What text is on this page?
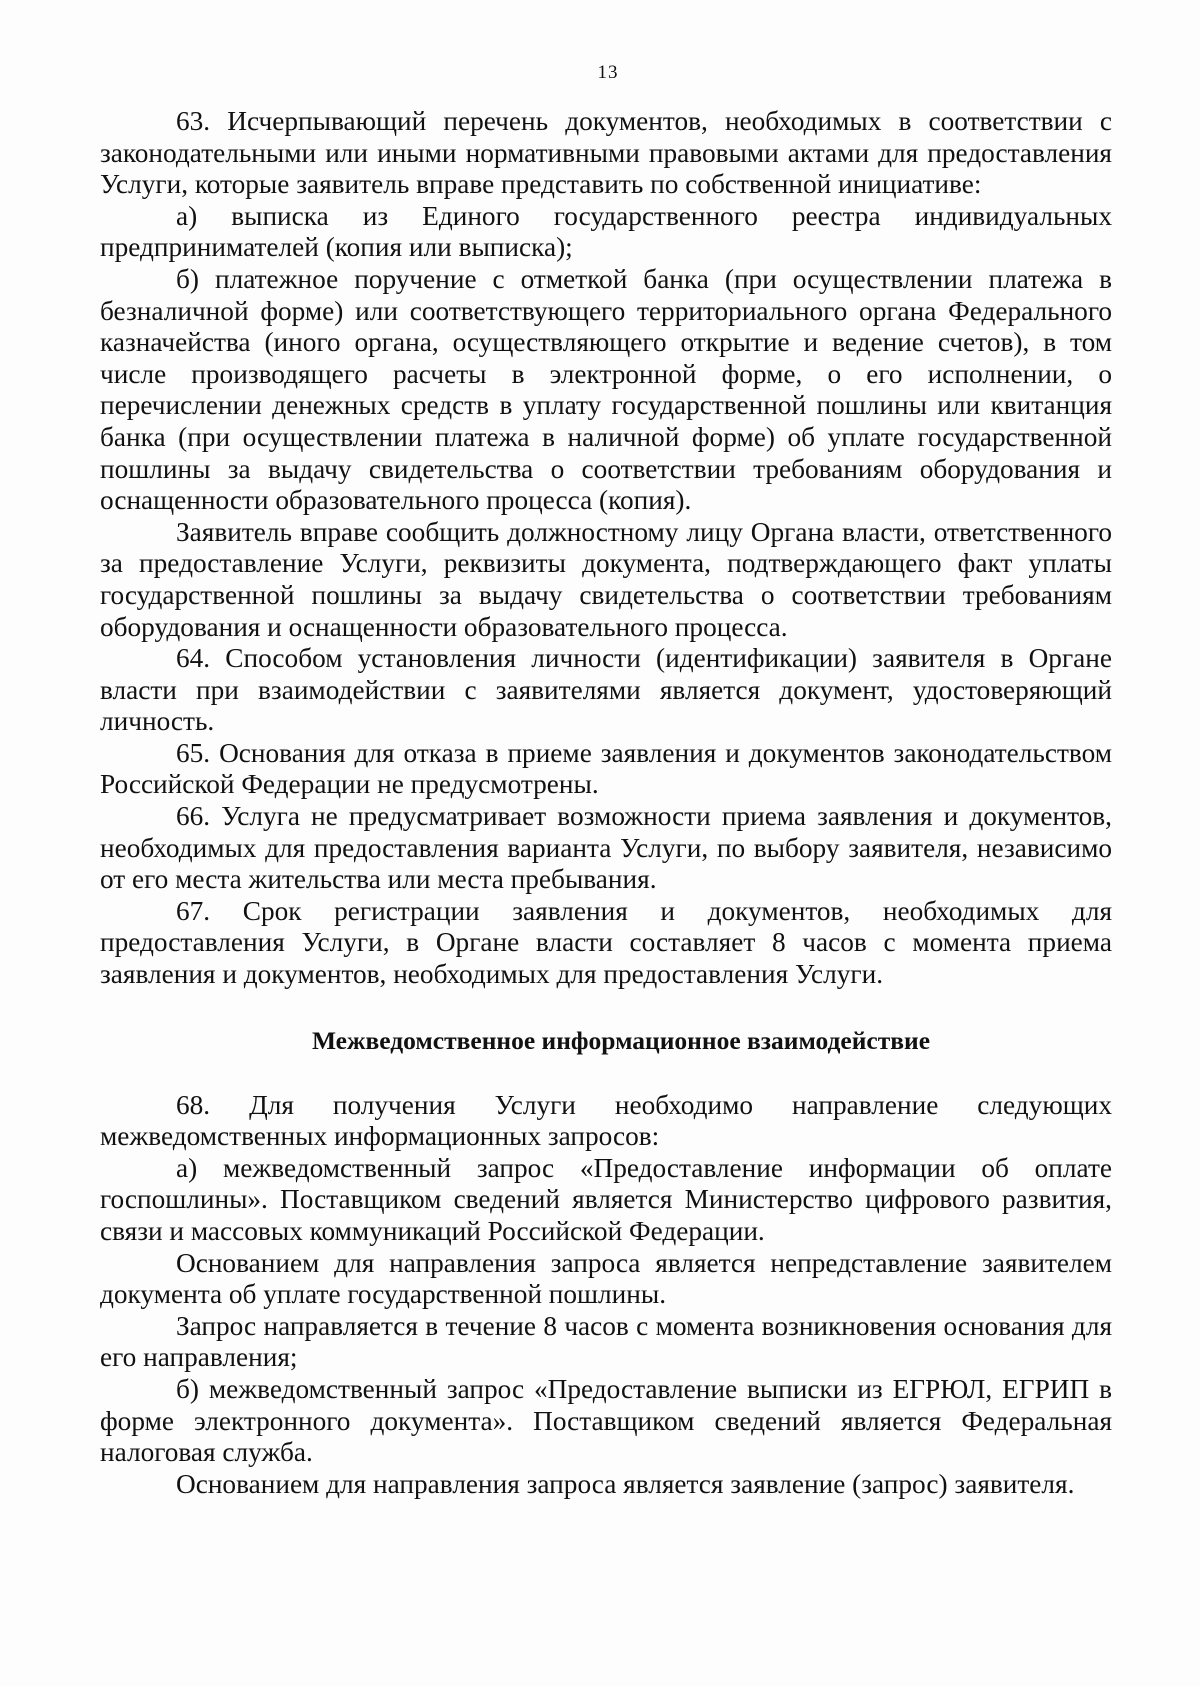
13

63. Исчерпывающий перечень документов, необходимых в соответствии с законодательными или иными нормативными правовыми актами для предоставления Услуги, которые заявитель вправе представить по собственной инициативе:

а) выписка из Единого государственного реестра индивидуальных предпринимателей (копия или выписка);

б) платежное поручение с отметкой банка (при осуществлении платежа в безналичной форме) или соответствующего территориального органа Федерального казначейства (иного органа, осуществляющего открытие и ведение счетов), в том числе производящего расчеты в электронной форме, о его исполнении, о перечислении денежных средств в уплату государственной пошлины или квитанция банка (при осуществлении платежа в наличной форме) об уплате государственной пошлины за выдачу свидетельства о соответствии требованиям оборудования и оснащенности образовательного процесса (копия).

Заявитель вправе сообщить должностному лицу Органа власти, ответственного за предоставление Услуги, реквизиты документа, подтверждающего факт уплаты государственной пошлины за выдачу свидетельства о соответствии требованиям оборудования и оснащенности образовательного процесса.

64. Способом установления личности (идентификации) заявителя в Органе власти при взаимодействии с заявителями является документ, удостоверяющий личность.

65. Основания для отказа в приеме заявления и документов законодательством Российской Федерации не предусмотрены.

66. Услуга не предусматривает возможности приема заявления и документов, необходимых для предоставления варианта Услуги, по выбору заявителя, независимо от его места жительства или места пребывания.

67. Срок регистрации заявления и документов, необходимых для предоставления Услуги, в Органе власти составляет 8 часов с момента приема заявления и документов, необходимых для предоставления Услуги.

Межведомственное информационное взаимодействие

68. Для получения Услуги необходимо направление следующих межведомственных информационных запросов:

а) межведомственный запрос «Предоставление информации об оплате госпошлины». Поставщиком сведений является Министерство цифрового развития, связи и массовых коммуникаций Российской Федерации.

Основанием для направления запроса является непредставление заявителем документа об уплате государственной пошлины.

Запрос направляется в течение 8 часов с момента возникновения основания для его направления;

б) межведомственный запрос «Предоставление выписки из ЕГРЮЛ, ЕГРИП в форме электронного документа». Поставщиком сведений является Федеральная налоговая служба.

Основанием для направления запроса является заявление (запрос) заявителя.
